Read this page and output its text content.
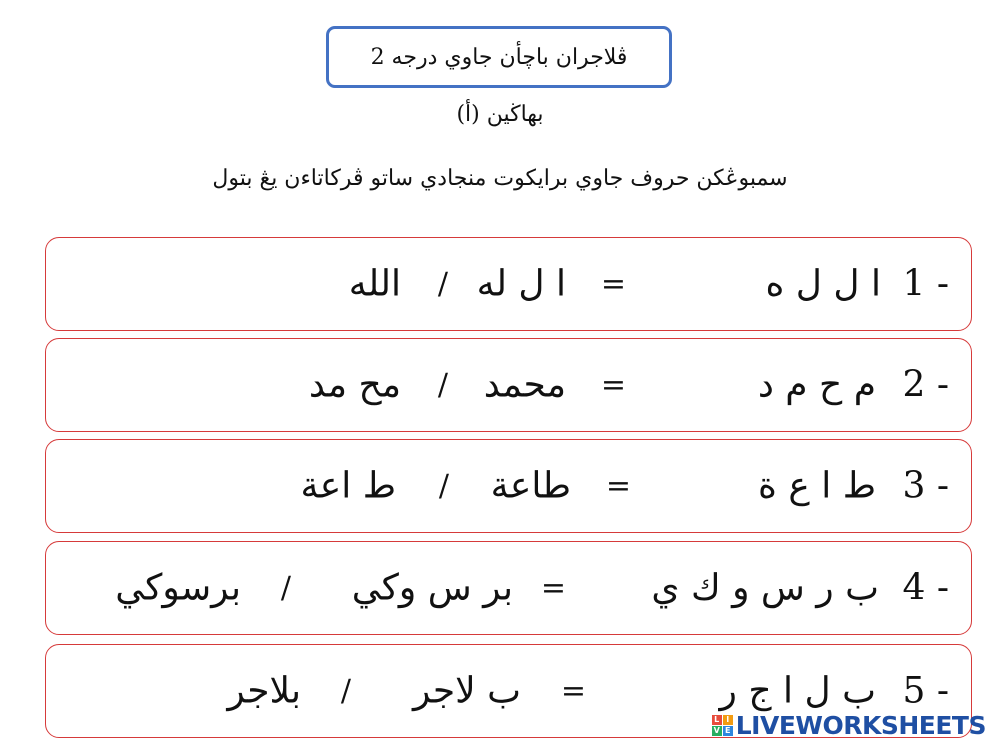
ڤلاجران باچأن جاوي درجه 2
بهاڬين (أ)
سمبوڠكن حروف جاوي برايكوت منجادي ساتو ڤركاتاءن يڠ بتول
1 -
ا ل ل ه
=
ا ل له
/
الله
2 -
م ح م د
=
محمد
/
مح مد
3 -
ط ا ع ة
=
طاعة
/
ط اعة
4 -
ب ر س و ك ي
=
بر س وكي
/
برسوكي
5 -
ب ل ا ج ر
=
ب لاجر
/
بلاجر
L I
V E LIVEWORKSHEETS
